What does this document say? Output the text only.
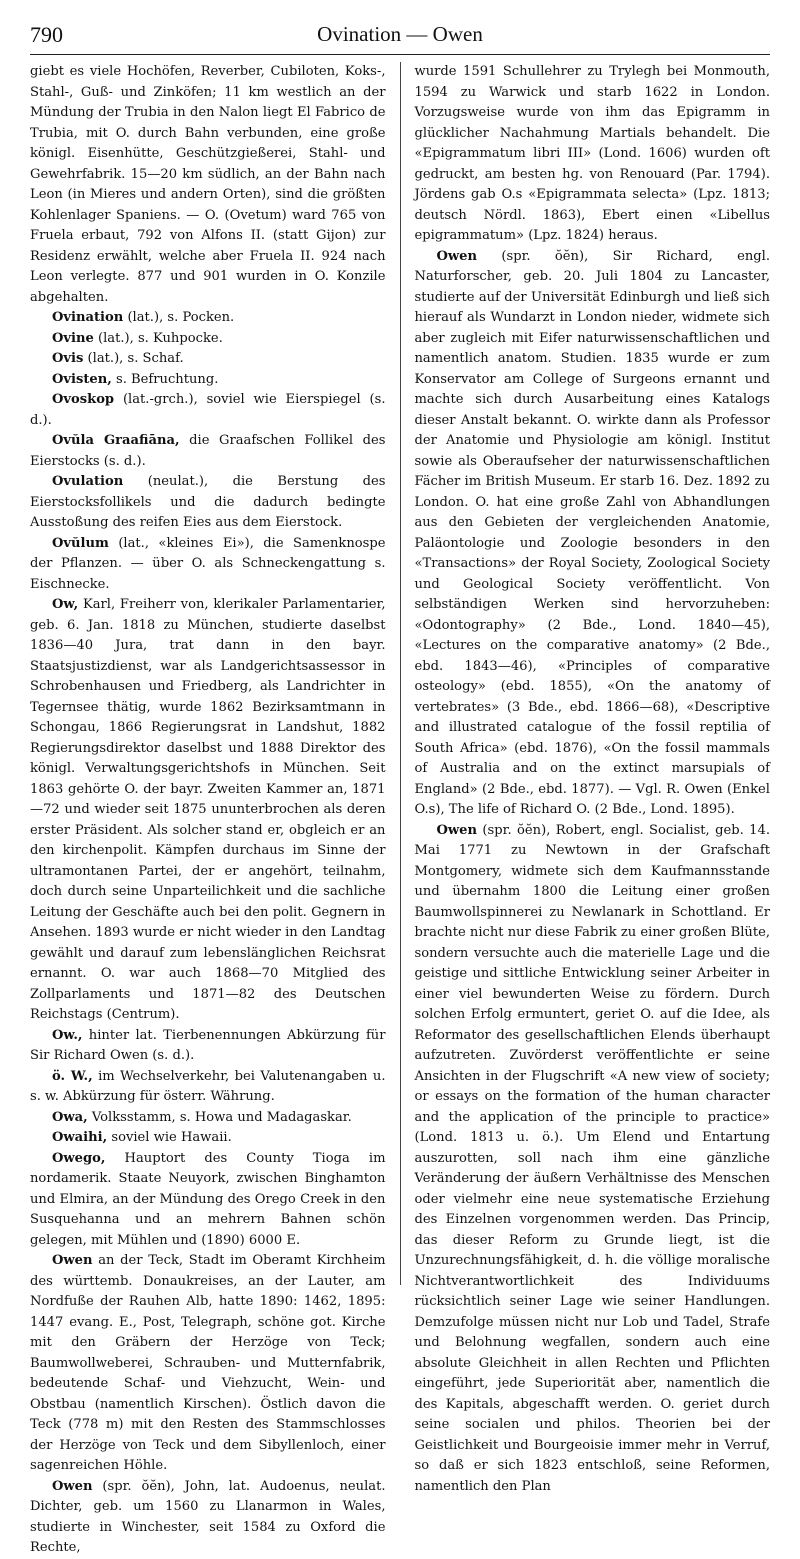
790	Ovination — Owen

giebt es viele Hochöfen, Reverber, Cubiloten, Koks-, Stahl-, Guß- und Zinköfen; 11 km westlich an der Mündung der Trubia in den Nalon liegt El Fabrico de Trubia, mit O. durch Bahn verbunden, eine große königl. Eisenhütte, Geschützgießerei, Stahl- und Gewehrfabrik. 15—20 km südlich, an der Bahn nach Leon (in Mieres und andern Orten), sind die größten Kohlenlager Spaniens. — O. (Ovetum) ward 765 von Fruela erbaut, 792 von Alfons II. (statt Gijon) zur Residenz erwählt, welche aber Fruela II. 924 nach Leon verlegte. 877 und 901 wurden in O. Konzile abgehalten.

Ovination (lat.), s. Pocken.

Ovine (lat.), s. Kuhpocke.

Ovis (lat.), s. Schaf.

Ovisten, s. Befruchtung.

Ovoskop (lat.-grch.), soviel wie Eierspiegel (s. d.).

Ovŭla Graafiāna, die Graafschen Follikel des Eierstocks (s. d.).

Ovulation (neulat.), die Berstung des Eierstocksfollikels und die dadurch bedingte Ausstoßung des reifen Eies aus dem Eierstock.

Ovŭlum (lat., «kleines Ei»), die Samenknospe der Pflanzen. — über O. als Schneckengattung s. Eischnecke.

Ow, Karl, Freiherr von, klerikaler Parlamentarier, geb. 6. Jan. 1818 zu München, studierte daselbst 1836—40 Jura, trat dann in den bayr. Staatsjustizdienst, war als Landgerichtsassessor in Schrobenhausen und Friedberg, als Landrichter in Tegernsee thätig, wurde 1862 Bezirksamtmann in Schongau, 1866 Regierungsrat in Landshut, 1882 Regierungsdirektor daselbst und 1888 Direktor des königl. Verwaltungsgerichtshofs in München. Seit 1863 gehörte O. der bayr. Zweiten Kammer an, 1871—72 und wieder seit 1875 ununterbrochen als deren erster Präsident. Als solcher stand er, obgleich er an den kirchenpolit. Kämpfen durchaus im Sinne der ultramontanen Partei, der er angehört, teilnahm, doch durch seine Unparteilichkeit und die sachliche Leitung der Geschäfte auch bei den polit. Gegnern in Ansehen. 1893 wurde er nicht wieder in den Landtag gewählt und darauf zum lebenslänglichen Reichsrat ernannt. O. war auch 1868—70 Mitglied des Zollparlaments und 1871—82 des Deutschen Reichstags (Centrum).

Ow., hinter lat. Tierbenennungen Abkürzung für Sir Richard Owen (s. d.).

ö. W., im Wechselverkehr, bei Valutenangaben u. s. w. Abkürzung für österr. Währung.

Owa, Volksstamm, s. Howa und Madagaskar.

Owaihi, soviel wie Hawaii.

Owego, Hauptort des County Tioga im nordamerik. Staate Neuyork, zwischen Binghamton und Elmira, an der Mündung des Orego Creek in den Susquehanna und an mehrern Bahnen schön gelegen, mit Mühlen und (1890) 6000 E.

Owen an der Teck, Stadt im Oberamt Kirchheim des württemb. Donaukreises, an der Lauter, am Nordfuße der Rauhen Alb, hatte 1890: 1462, 1895: 1447 evang. E., Post, Telegraph, schöne got. Kirche mit den Gräbern der Herzöge von Teck; Baumwollweberei, Schrauben- und Mutternfabrik, bedeutende Schaf- und Viehzucht, Wein- und Obstbau (namentlich Kirschen). Östlich davon die Teck (778 m) mit den Resten des Stammschlosses der Herzöge von Teck und dem Sibyllenloch, einer sagenreichen Höhle.

Owen (spr. ŏĕn), John, lat. Audoenus, neulat. Dichter, geb. um 1560 zu Llanarmon in Wales, studierte in Winchester, seit 1584 zu Oxford die Rechte,

wurde 1591 Schullehrer zu Trylegh bei Monmouth, 1594 zu Warwick und starb 1622 in London. Vorzugsweise wurde von ihm das Epigramm in glücklicher Nachahmung Martials behandelt. Die «Epigrammatum libri III» (Lond. 1606) wurden oft gedruckt, am besten hg. von Renouard (Par. 1794). Jördens gab O.s «Epigrammata selecta» (Lpz. 1813; deutsch Nördl. 1863), Ebert einen «Libellus epigrammatum» (Lpz. 1824) heraus.

Owen (spr. ŏĕn), Sir Richard, engl. Naturforscher, geb. 20. Juli 1804 zu Lancaster, studierte auf der Universität Edinburgh und ließ sich hierauf als Wundarzt in London nieder, widmete sich aber zugleich mit Eifer naturwissenschaftlichen und namentlich anatom. Studien. 1835 wurde er zum Konservator am College of Surgeons ernannt und machte sich durch Ausarbeitung eines Katalogs dieser Anstalt bekannt. O. wirkte dann als Professor der Anatomie und Physiologie am königl. Institut sowie als Oberaufseher der naturwissenschaftlichen Fächer im British Museum. Er starb 16. Dez. 1892 zu London. O. hat eine große Zahl von Abhandlungen aus den Gebieten der vergleichenden Anatomie, Paläontologie und Zoologie besonders in den «Transactions» der Royal Society, Zoological Society und Geological Society veröffentlicht. Von selbständigen Werken sind hervorzuheben: «Odontography» (2 Bde., Lond. 1840—45), «Lectures on the comparative anatomy» (2 Bde., ebd. 1843—46), «Principles of comparative osteology» (ebd. 1855), «On the anatomy of vertebrates» (3 Bde., ebd. 1866—68), «Descriptive and illustrated catalogue of the fossil reptilia of South Africa» (ebd. 1876), «On the fossil mammals of Australia and on the extinct marsupials of England» (2 Bde., ebd. 1877). — Vgl. R. Owen (Enkel O.s), The life of Richard O. (2 Bde., Lond. 1895).

Owen (spr. ŏĕn), Robert, engl. Socialist, geb. 14. Mai 1771 zu Newtown in der Grafschaft Montgomery, widmete sich dem Kaufmannsstande und übernahm 1800 die Leitung einer großen Baumwollspinnerei zu Newlanark in Schottland. Er brachte nicht nur diese Fabrik zu einer großen Blüte, sondern versuchte auch die materielle Lage und die geistige und sittliche Entwicklung seiner Arbeiter in einer viel bewunderten Weise zu fördern. Durch solchen Erfolg ermuntert, geriet O. auf die Idee, als Reformator des gesellschaftlichen Elends überhaupt aufzutreten. Zuvörderst veröffentlichte er seine Ansichten in der Flugschrift «A new view of society; or essays on the formation of the human character and the application of the principle to practice» (Lond. 1813 u. ö.). Um Elend und Entartung auszurotten, soll nach ihm eine gänzliche Veränderung der äußern Verhältnisse des Menschen oder vielmehr eine neue systematische Erziehung des Einzelnen vorgenommen werden. Das Princip, das dieser Reform zu Grunde liegt, ist die Unzurechnungsfähigkeit, d. h. die völlige moralische Nichtverantwortlichkeit des Individuums rücksichtlich seiner Lage wie seiner Handlungen. Demzufolge müssen nicht nur Lob und Tadel, Strafe und Belohnung wegfallen, sondern auch eine absolute Gleichheit in allen Rechten und Pflichten eingeführt, jede Superiorität aber, namentlich die des Kapitals, abgeschafft werden. O. geriet durch seine socialen und philos. Theorien bei der Geistlichkeit und Bourgeoisie immer mehr in Verruf, so daß er sich 1823 entschloß, seine Reformen, namentlich den Plan
